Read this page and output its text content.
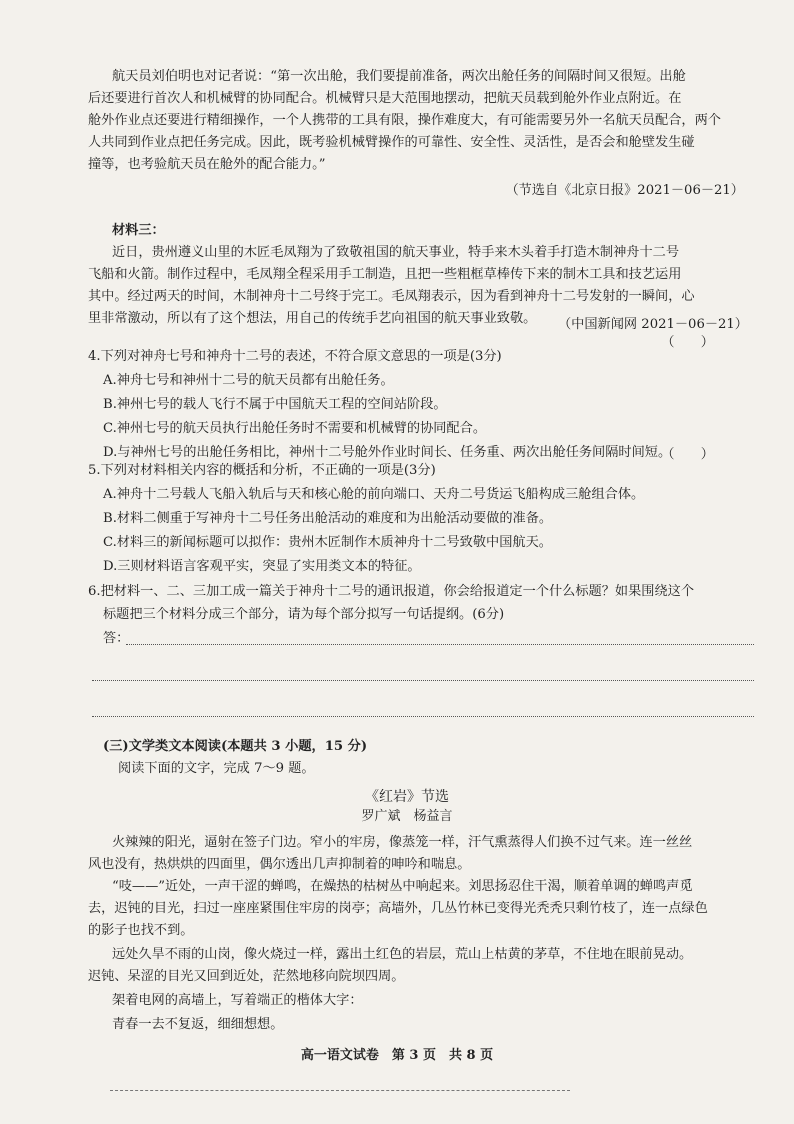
航天员刘伯明也对记者说：“第一次出舱，我们要提前准备，两次出舱任务的间隔时间又很短。出舱
后还要进行首次人和机械臂的协同配合。机械臂只是大范围地摆动，把航天员载到舱外作业点附近。在
舱外作业点还要进行精细操作，一个人携带的工具有限，操作难度大，有可能需要另外一名航天员配合，两个
人共同到作业点把任务完成。因此，既考验机械臂操作的可靠性、安全性、灵活性，是否会和舱壁发生碰
撞等，也考验航天员在舱外的配合能力。”
（节选自《北京日报》2021－06－21）
材料三：
近日，贵州遵义山里的木匠毛凤翔为了致敬祖国的航天事业，特手来木头着手打造木制神舟十二号
飞船和火箭。制作过程中，毛凤翔全程采用手工制造，且把一些粗框草棒传下来的制木工具和技艺运用
其中。经过两天的时间，木制神舟十二号终于完工。毛凤翔表示，因为看到神舟十二号发射的一瞬间，心
里非常激动，所以有了这个想法，用自己的传统手艺向祖国的航天事业致敬。 （中国新闻网 2021－06－21）
（　　）
4.下列对神舟七号和神舟十二号的表述，不符合原文意思的一项是(3分)
A.神舟七号和神州十二号的航天员都有出舱任务。
B.神州七号的载人飞行不属于中国航天工程的空间站阶段。
C.神州七号的航天员执行出舱任务时不需要和机械臂的协同配合。
D.与神州七号的出舱任务相比，神州十二号舱外作业时间长、任务重、两次出舱任务间隔时间短。
（　　）
5.下列对材料相关内容的概括和分析，不正确的一项是(3分)
A.神舟十二号载人飞船入轨后与天和核心舱的前向端口、天舟二号货运飞船构成三舱组合体。
B.材料二侧重于写神舟十二号任务出舱活动的难度和为出舱活动要做的准备。
C.材料三的新闻标题可以拟作：贵州木匠制作木质神舟十二号致敬中国航天。
D.三则材料语言客观平实，突显了实用类文本的特征。
6.把材料一、二、三加工成一篇关于神舟十二号的通讯报道，你会给报道定一个什么标题？如果围绕这个
标题把三个材料分成三个部分，请为每个部分拟写一句话提纲。(6分)
答：
(三)文学类文本阅读(本题共 3 小题，15 分)
阅读下面的文字，完成 7～9 题。
《红岩》节选
罗广斌　杨益言
火辣辣的阳光，逼射在签子门边。窄小的牢房，像蒸笼一样，汗气熏蒸得人们换不过气来。连一丝丝
风也没有，热烘烘的四面里，偶尔透出几声抑制着的呻吟和喘息。
“吱——”近处，一声干涩的蝉鸣，在燥热的枯树丛中响起来。刘思扬忍住干渴，顺着单调的蝉鸣声觅
去，迟钝的目光，扫过一座座紧围住牢房的岗亭；高墙外，几丛竹林已变得光秃秃只剩竹枝了，连一点绿色
的影子也找不到。
远处久旱不雨的山岗，像火烧过一样，露出土红色的岩层，荒山上枯黄的茅草，不住地在眼前晃动。
迟钝、呆涩的目光又回到近处，茫然地移向院坝四周。
架着电网的高墙上，写着端正的楷体大字：
青春一去不复返，细细想想。
高一语文试卷　第 3 页　共 8 页
